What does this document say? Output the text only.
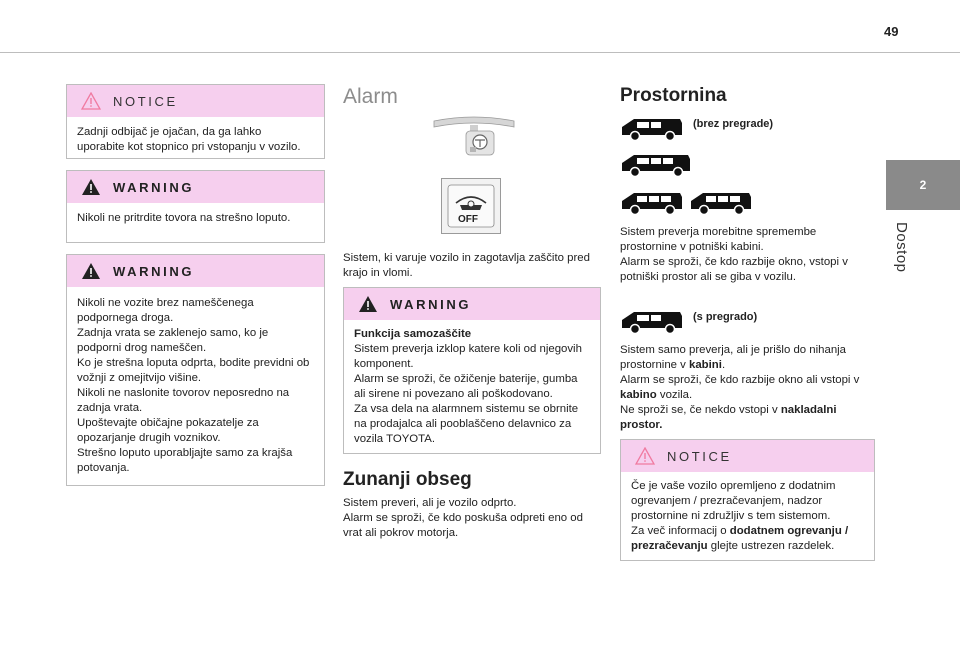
49
2
Dostop
NOTICE
Zadnji odbijač je ojačan, da ga lahko
uporabite kot stopnico pri vstopanju v vozilo.
WARNING
Nikoli ne pritrdite tovora na strešno loputo.
WARNING
Nikoli ne vozite brez nameščenega
podpornega droga.
Zadnja vrata se zaklenejo samo, ko je
podporni drog nameščen.
Ko je strešna loputa odprta, bodite previdni ob
vožnji z omejitvijo višine.
Nikoli ne naslonite tovorov neposredno na
zadnja vrata.
Upoštevajte običajne pokazatelje za
opozarjanje drugih voznikov.
Strešno loputo uporabljajte samo za krajša
potovanja.
Alarm
OFF
Sistem, ki varuje vozilo in zagotavlja zaščito pred
krajo in vlomi.
WARNING
Funkcija samozaščite
Sistem preverja izklop katere koli od njegovih
komponent.
Alarm se sproži, če ožičenje baterije, gumba
ali sirene ni povezano ali poškodovano.
Za vsa dela na alarmnem sistemu se obrnite
na prodajalca ali pooblaščeno delavnico za
vozila TOYOTA.
Zunanji obseg
Sistem preveri, ali je vozilo odprto.
Alarm se sproži, če kdo poskuša odpreti eno od
vrat ali pokrov motorja.
Prostornina
(brez pregrade)
Sistem preverja morebitne spremembe
prostornine v potniški kabini.
Alarm se sproži, če kdo razbije okno, vstopi v
potniški prostor ali se giba v vozilu.
(s pregrado)
Sistem samo preverja, ali je prišlo do nihanja
prostornine v kabini.
Alarm se sproži, če kdo razbije okno ali vstopi v
kabino vozila.
Ne sproži se, če nekdo vstopi v nakladalni
prostor.
NOTICE
Če je vaše vozilo opremljeno z dodatnim
ogrevanjem / prezračevanjem, nadzor
prostornine ni združljiv s tem sistemom.
Za več informacij o dodatnem ogrevanju /
prezračevanju glejte ustrezen razdelek.
